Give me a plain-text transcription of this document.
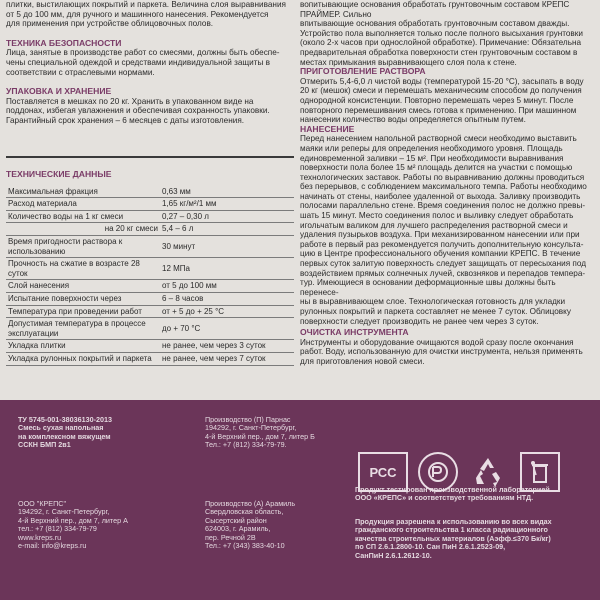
плитки, выстилающих покрытий и паркета. Величина слоя выравнивания
от 5 до 100 мм, для ручного и машинного нанесения. Рекомендуется
для применения при устройстве облицовочных полов.
ТЕХНИКА БЕЗОПАСНОСТИ
Лица, занятые в производстве работ со смесями, должны быть обеспе-
чены специальной одеждой и средствами индивидуальной защиты в
соответствии с отраслевыми нормами.
УПАКОВКА И ХРАНЕНИЕ
Поставляется в мешках по 20 кг. Хранить в упакованном виде на
поддонах, избегая увлажнения и обеспечивая сохранность упаковки.
Гарантийный срок хранения – 6 месяцев с даты изготовления.
ТЕХНИЧЕСКИЕ ДАННЫЕ
Максимальная фракция	0,63 мм
Расход материала	1,65 кг/м²/1 мм
Количество воды на 1 кг смеси	0,27 – 0,30 л
на 20 кг смеси	5,4 – 6 л
Время пригодности раствора к использованию	30 минут
Прочность на сжатие в возрасте 28 суток	12 МПа
Слой нанесения	от 5 до 100 мм
Испытание поверхности через	6 – 8 часов
Температура при проведении работ	от + 5 до + 25 °С
Допустимая температура в процессе эксплуатации	до + 70 °С
Укладка плитки	не ранее, чем через 3 суток
Укладка рулонных покрытий и паркета	не ранее, чем через 7 суток
вопитывающие основания обработать грунтовочным составом КРЕПС ПРАЙМЕР. Сильно
впитывающие основания обработать грунтовочным составом дважды.
Устройство пола выполняется только после полного высыхания грунтовки
(около 2-х часов при однослойной обработке). Примечание: Обязательна
предварительная обработка поверхности стен грунтовочным составом в
местах примыкания выравнивающего слоя пола к стене.
ПРИГОТОВЛЕНИЕ РАСТВОРА
Отмерить 5,4-6,0 л чистой воды (температурой 15-20 °С), засыпать в воду
20 кг (мешок) смеси и перемешать механическим способом до получения
однородной консистенции. Повторно перемешать через 5 минут. После
повторного перемешивания смесь готова к применению. При машинном
нанесении количество воды определяется опытным путем.
НАНЕСЕНИЕ
Перед нанесением напольной растворной смеси необходимо выставить
маяки или реперы для определения необходимого уровня. Площадь
единовременной заливки – 15 м². При необходимости выравнивания
поверхности пола более 15 м² площадь делится на участки с помощью
технологических заставок. Работы по выравниванию должны проводиться
без перерывов, с соблюдением максимального темпа. Работы необходимо
начинать от стены, наиболее удаленной от выхода. Заливку производить
полосами параллельно стене. Время соединения полос не должно превы-
шать 15 минут. Место соединения полос и выливку следует обработать
игольчатым валиком для лучшего распределения растворной смеси и
удаления пузырьков воздуха. При механизированном нанесении или при
работе в первый раз рекомендуется получить дополнительную консульта-
цию в Центре профессионального обучения компании КРЕПС. В течение
первых суток залитую поверхность следует защищать от пересыхания под
воздействием прямых солнечных лучей, сквозняков и перепадов темпера-
тур. Имеющиеся в основании деформационные швы должны быть перенесе-
ны в выравнивающем слое. Технологическая готовность для укладки
рулонных покрытий и паркета составляет не менее 7 суток. Облицовку
поверхности следует производить не ранее чем через 3 суток.
ОЧИСТКА ИНСТРУМЕНТА
Инструменты и оборудование очищаются водой сразу после окончания
работ. Воду, использованную для очистки инструмента, нельзя применять
для приготовления новой смеси.
ТУ 5745-001-38036130-2013
Смесь сухая напольная
на комплексном вяжущем
ССКН БМП 2в1
Производство (П) Парнас
194292, г. Санкт-Петербург,
4-й Верхний пер., дом 7, литер Б
Тел.: +7 (812) 334-79-79.
ООО "КРЕПС"
194292, г. Санкт-Петербург,
4-й Верхний пер., дом 7, литер А
тел.: +7 (812) 334-79-79
www.kreps.ru
e-mail: info@kreps.ru
Производство (А) Арамиль
Свердловская область,
Сысертский район
624003, г. Арамиль,
пер. Речной 2В
Тел.: +7 (343) 383-40-10
Продукт тестирован производственной лабораторией
ООО «КРЕПС» и соответствует требованиям НТД.
Продукция разрешена к использованию во всех видах
гражданского строительства 1 класса радиационного
качества строительных материалов (Аэфф.≤370 Бк/кг)
по СП 2.6.1.2800-10. Сан ПиН 2.6.1.2523-09,
СанПиН 2.6.1.2612-10.
РСС
